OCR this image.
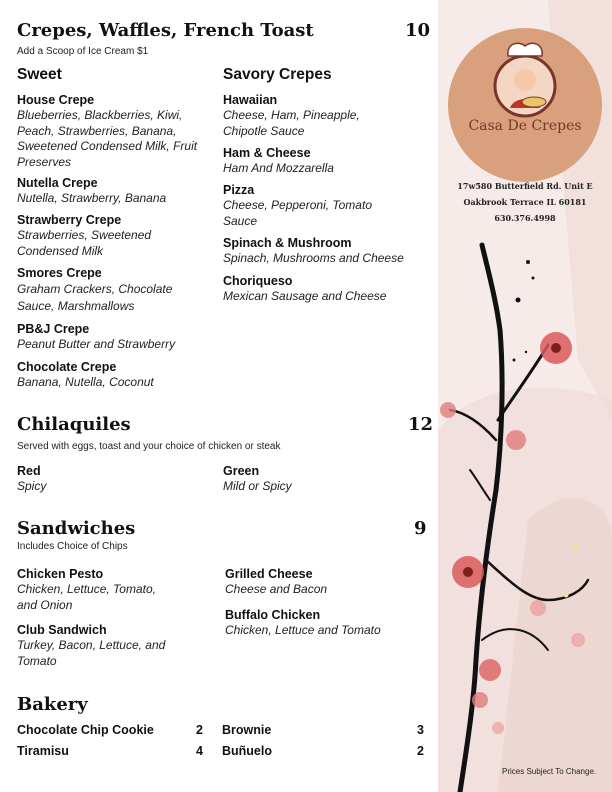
Crepes, Waffles, French Toast	10
Add a Scoop of Ice Cream $1
Sweet	Savory Crepes
House Crepe
Blueberries, Blackberries, Kiwi, Peach, Strawberries, Banana, Sweetened Condensed Milk, Fruit Preserves
Nutella Crepe
Nutella, Strawberry, Banana
Strawberry Crepe
Strawberries, Sweetened Condensed Milk
Smores Crepe
Graham Crackers, Chocolate Sauce, Marshmallows
PB&J Crepe
Peanut Butter and Strawberry
Chocolate Crepe
Banana, Nutella, Coconut
Hawaiian
Cheese, Ham, Pineapple, Chipotle Sauce
Ham & Cheese
Ham And Mozzarella
Pizza
Cheese, Pepperoni, Tomato Sauce
Spinach & Mushroom
Spinach, Mushrooms and Cheese
Choriqueso
Mexican Sausage and Cheese
Chilaquiles	12
Served with eggs, toast and your choice of chicken or steak
Red
Spicy
Green
Mild or Spicy
Sandwiches	9
Includes Choice of Chips
Chicken Pesto
Chicken, Lettuce, Tomato, and Onion
Club Sandwich
Turkey, Bacon, Lettuce, and Tomato
Grilled Cheese
Cheese and Bacon
Buffalo Chicken
Chicken, Lettuce and Tomato
Bakery
Chocolate Chip Cookie	2
Tiramisu	4
Brownie	3
Buñuelo	2
Casa De Crepes
17w580 Butterfield Rd. Unit E
Oakbrook Terrace IL 60181
630.376.4998
Prices Subject To Change.
